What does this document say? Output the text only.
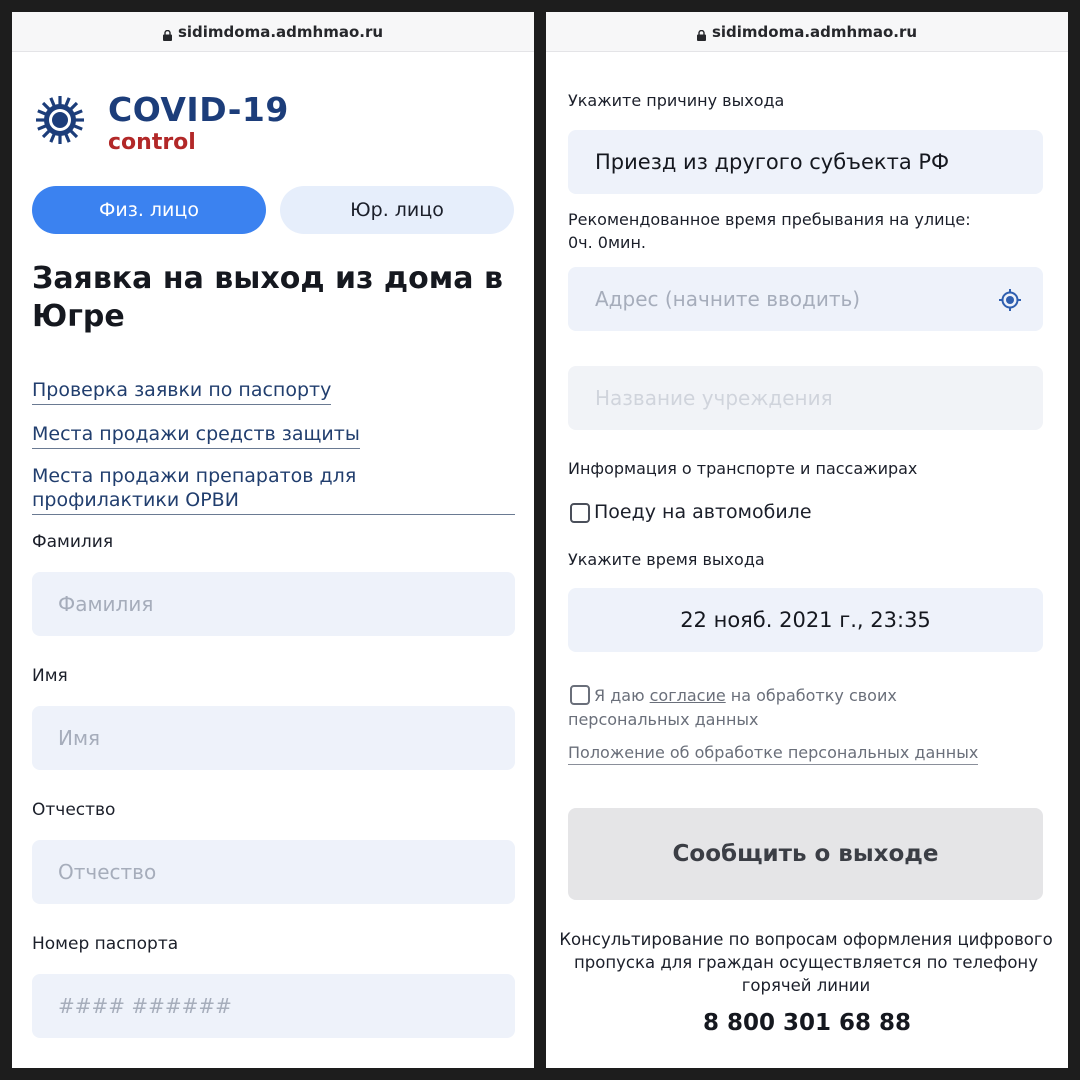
sidimdoma.admhmao.ru
COVID-19
control
Физ. лицо	Юр. лицо
Заявка на выход из дома в Югре
Проверка заявки по паспорту
Места продажи средств защиты
Места продажи препаратов для профилактики ОРВИ
Фамилия
Фамилия
Имя
Имя
Отчество
Отчество
Номер паспорта
#### ######
sidimdoma.admhmao.ru
Укажите причину выхода
Приезд из другого субъекта РФ
Рекомендованное время пребывания на улице:
0ч. 0мин.
Адрес (начните вводить)
Название учреждения
Информация о транспорте и пассажирах
Поеду на автомобиле
Укажите время выхода
22 нояб. 2021 г., 23:35
Я даю согласие на обработку своих
персональных данных
Положение об обработке персональных данных
Сообщить о выходе
Консультирование по вопросам оформления цифрового пропуска для граждан осуществляется по телефону горячей линии
8 800 301 68 88
